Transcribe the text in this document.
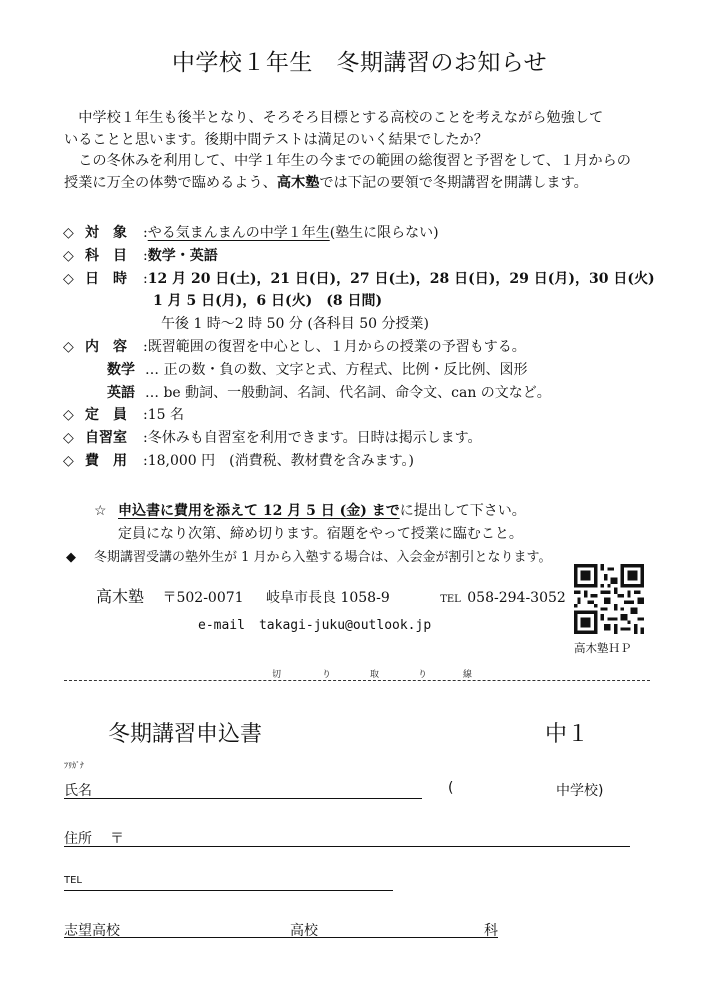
中学校１年生　冬期講習のお知らせ

中学校１年生も後半となり、そろそろ目標とする高校のことを考えながら勉強して

いることと思います。後期中間テストは満足のいく結果でしたか？

この冬休みを利用して、中学１年生の今までの範囲の総復習と予習をして、１月からの

授業に万全の体勢で臨めるよう、高木塾では下記の要領で冬期講習を開講します。

◇ 対　象 :やる気まんまんの中学１年生(塾生に限らない)
◇ 科　目 :数学・英語
◇ 日　時 :12 月 20 日(土)，21 日(日)，27 日(土)，28 日(日)，29 日(月)，30 日(火)
1 月 5 日(月)，6 日(火)　(8 日間)
午後 1 時〜2 時 50 分 (各科目 50 分授業)
◇ 内　容 :既習範囲の復習を中心とし、１月からの授業の予習もする。
数学 … 正の数・負の数、文字と式、方程式、比例・反比例、図形
英語 … be 動詞、一般動詞、名詞、代名詞、命令文、can の文など。
◇ 定　員 :15 名
◇ 自習室 :冬休みも自習室を利用できます。日時は掲示します。
◇ 費　用 :18,000 円　(消費税、教材費を含みます。)
☆ 申込書に費用を添えて 12 月 5 日 (金) までに提出して下さい。
定員になり次第、締め切ります。宿題をやって授業に臨むこと。
◆ 冬期講習受講の塾外生が 1 月から入塾する場合は、入会金が割引となります。
高木塾 〒502-0071 岐阜市長良 1058-9	TEL 058-294-3052
e-mail takagi-juku@outlook.jp
高木塾ＨＰ
切	り	取	り	線
冬期講習申込書	中１
ﾌﾘｶﾞﾅ
氏名	(	中学校)
住所 〒
TEL
志望高校	高校	科
